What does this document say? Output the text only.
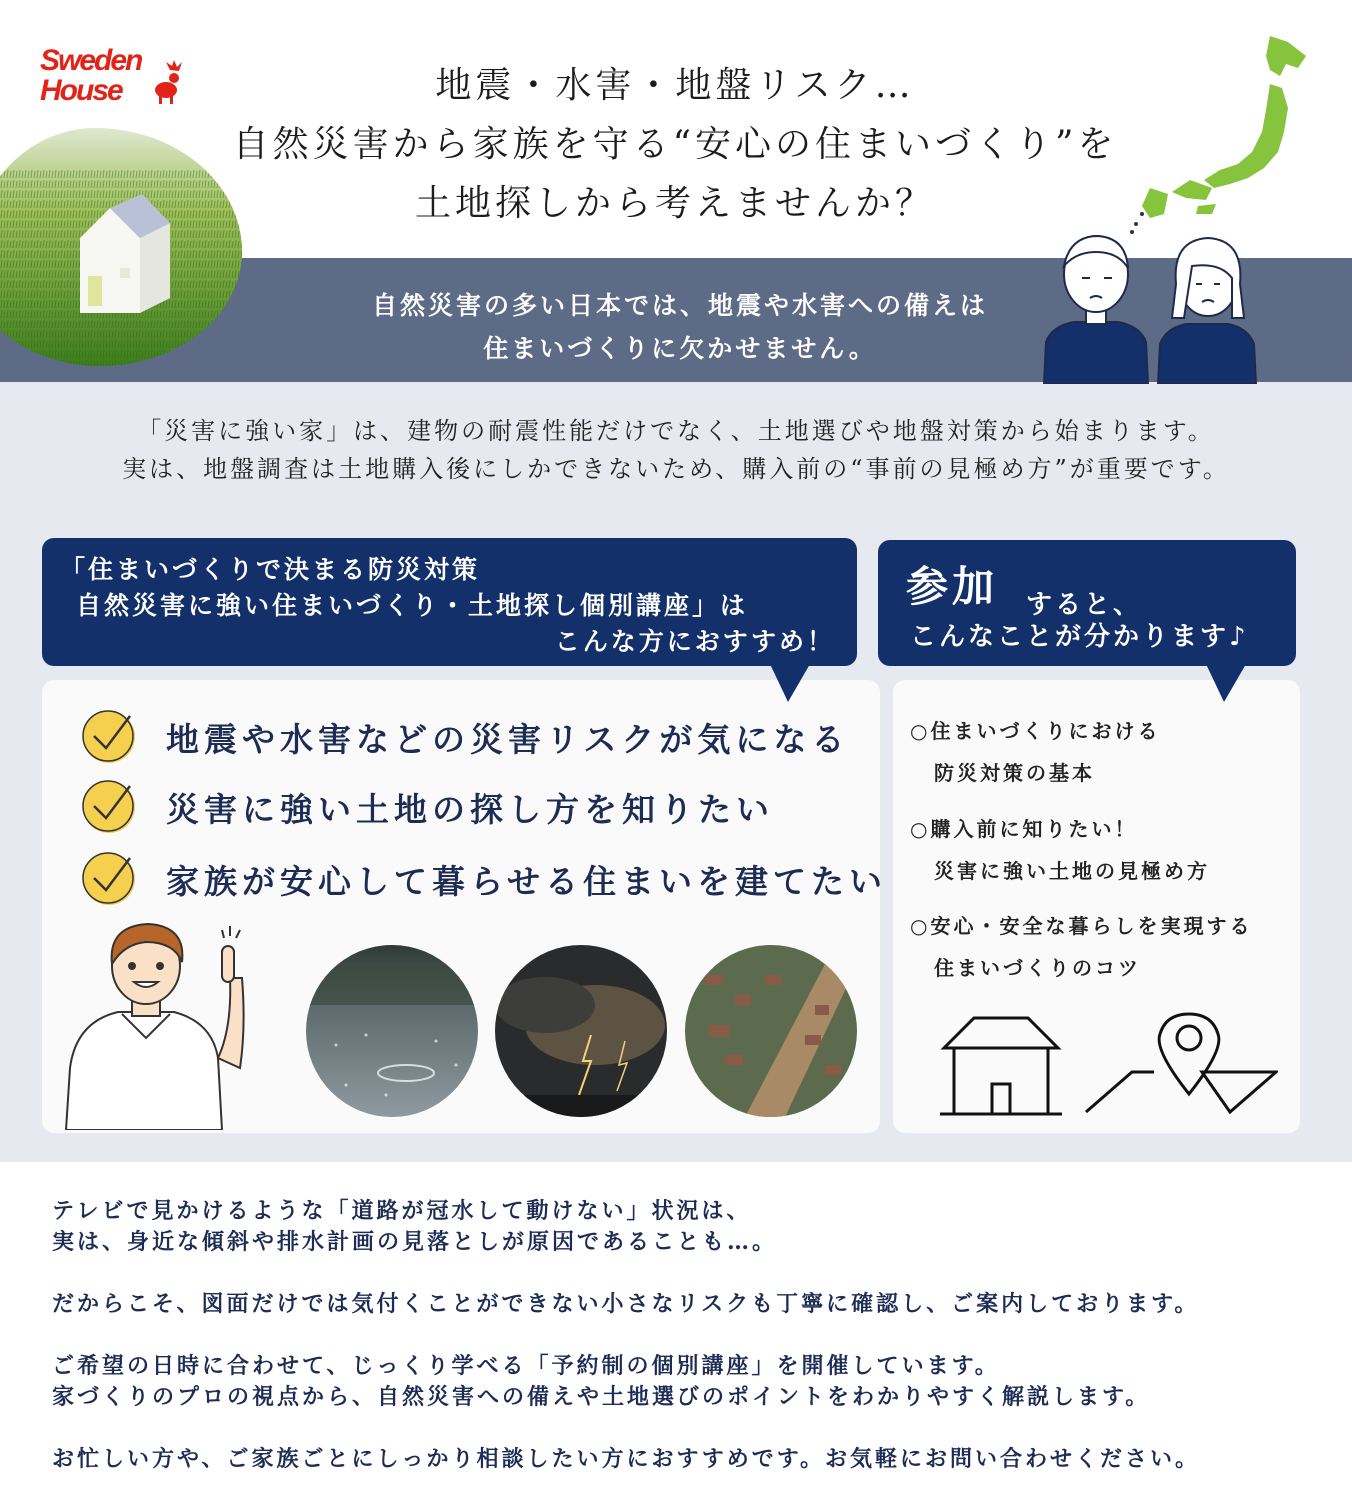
Sweden
House	地震・水害・地盤リスク…
自然災害から家族を守る“安心の住まいづくり”を
土地探しから考えませんか？
自然災害の多い日本では、地震や水害への備えは
住まいづくりに欠かせません。
「災害に強い家」は、建物の耐震性能だけでなく、土地選びや地盤対策から始まります。
実は、地盤調査は土地購入後にしかできないため、購入前の“事前の見極め方”が重要です。
「住まいづくりで決まる防災対策
自然災害に強い住まいづくり・土地探し個別講座」は
こんな方におすすめ！
参加 すると、
こんなことが分かります♪
地震や水害などの災害リスクが気になる
災害に強い土地の探し方を知りたい
家族が安心して暮らせる住まいを建てたい
○住まいづくりにおける
防災対策の基本
○購入前に知りたい！
災害に強い土地の見極め方
○安心・安全な暮らしを実現する
住まいづくりのコツ

テレビで見かけるような「道路が冠水して動けない」状況は、
実は、身近な傾斜や排水計画の見落としが原因であることも…。

だからこそ、図面だけでは気付くことができない小さなリスクも丁寧に確認し、ご案内しております。

ご希望の日時に合わせて、じっくり学べる「予約制の個別講座」を開催しています。
家づくりのプロの視点から、自然災害への備えや土地選びのポイントをわかりやすく解説します。

お忙しい方や、ご家族ごとにしっかり相談したい方におすすめです。お気軽にお問い合わせください。
